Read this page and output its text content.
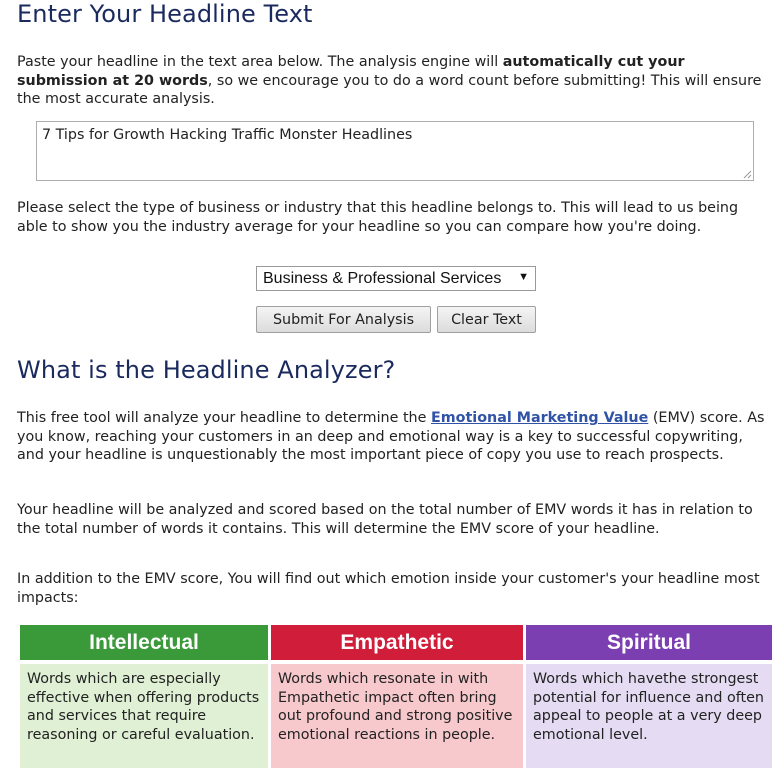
Enter Your Headline Text

Paste your headline in the text area below. The analysis engine will automatically cut your submission at 20 words, so we encourage you to do a word count before submitting! This will ensure the most accurate analysis.

7 Tips for Growth Hacking Traffic Monster Headlines

Please select the type of business or industry that this headline belongs to. This will lead to us being able to show you the industry average for your headline so you can compare how you're doing.

Business & Professional Services ▼
Submit For Analysis	Clear Text
What is the Headline Analyzer?

This free tool will analyze your headline to determine the Emotional Marketing Value (EMV) score. As you know, reaching your customers in an deep and emotional way is a key to successful copywriting, and your headline is unquestionably the most important piece of copy you use to reach prospects.

Your headline will be analyzed and scored based on the total number of EMV words it has in relation to the total number of words it contains. This will determine the EMV score of your headline.

In addition to the EMV score, You will find out which emotion inside your customer's your headline most impacts:

Intellectual
Words which are especially effective when offering products and services that require reasoning or careful evaluation.
Empathetic
Words which resonate in with Empathetic impact often bring out profound and strong positive emotional reactions in people.
Spiritual
Words which havethe strongest potential for influence and often appeal to people at a very deep emotional level.
